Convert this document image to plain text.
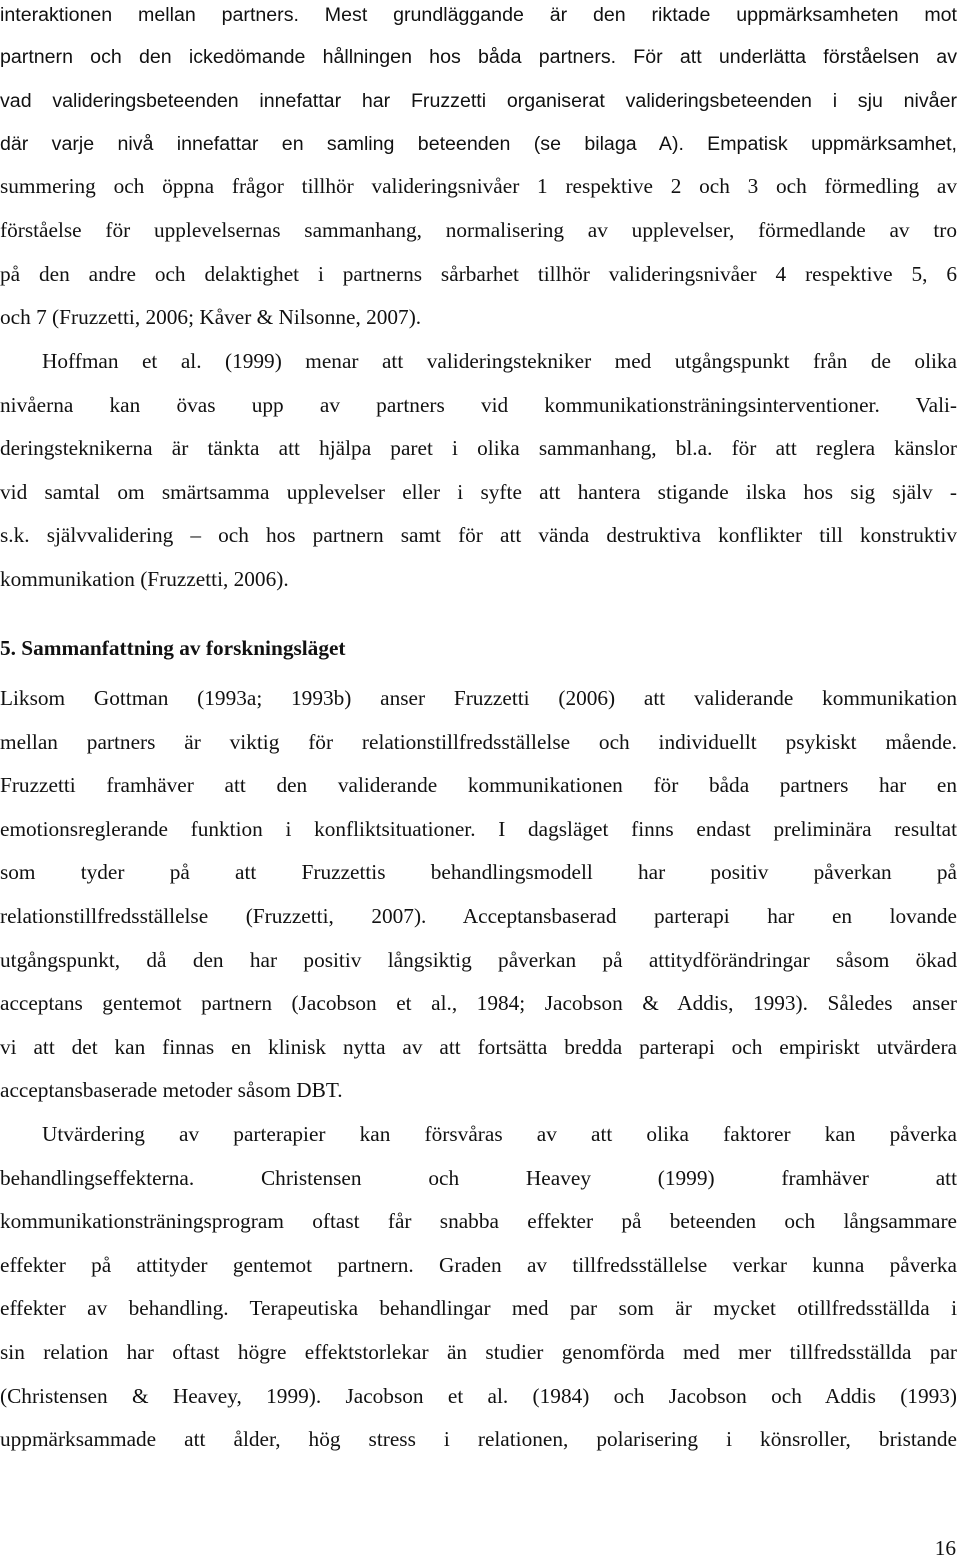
interaktionen mellan partners. Mest grundläggande är den riktade uppmärksamheten mot
partnern och den ickedömande hållningen hos båda partners. För att underlätta förståelsen av
vad valideringsbeteenden innefattar har Fruzzetti organiserat valideringsbeteenden i sju nivåer
där varje nivå innefattar en samling beteenden (se bilaga A). Empatisk uppmärksamhet,
summering och öppna frågor tillhör valideringsnivåer 1 respektive 2 och 3 och förmedling av
förståelse för upplevelsernas sammanhang, normalisering av upplevelser, förmedlande av tro
på den andre och delaktighet i partnerns sårbarhet tillhör valideringsnivåer 4 respektive 5, 6
och 7 (Fruzzetti, 2006; Kåver & Nilsonne, 2007).
Hoffman et al. (1999) menar att valideringstekniker med utgångspunkt från de olika
nivåerna kan övas upp av partners vid kommunikationsträningsinterventioner. Vali-
deringsteknikerna är tänkta att hjälpa paret i olika sammanhang, bl.a. för att reglera känslor
vid samtal om smärtsamma upplevelser eller i syfte att hantera stigande ilska hos sig själv -
s.k. självvalidering – och hos partnern samt för att vända destruktiva konflikter till konstruktiv
kommunikation (Fruzzetti, 2006).
5. Sammanfattning av forskningsläget
Liksom Gottman (1993a; 1993b) anser Fruzzetti (2006) att validerande kommunikation
mellan partners är viktig för relationstillfredsställelse och individuellt psykiskt mående.
Fruzzetti framhäver att den validerande kommunikationen för båda partners har en
emotionsreglerande funktion i konfliktsituationer. I dagsläget finns endast preliminära resultat
som tyder på att Fruzzettis behandlingsmodell har positiv påverkan på
relationstillfredsställelse (Fruzzetti, 2007). Acceptansbaserad parterapi har en lovande
utgångspunkt, då den har positiv långsiktig påverkan på attitydförändringar såsom ökad
acceptans gentemot partnern (Jacobson et al., 1984; Jacobson & Addis, 1993). Således anser
vi att det kan finnas en klinisk nytta av att fortsätta bredda parterapi och empiriskt utvärdera
acceptansbaserade metoder såsom DBT.
Utvärdering av parterapier kan försvåras av att olika faktorer kan påverka
behandlingseffekterna. Christensen och Heavey (1999) framhäver att
kommunikationsträningsprogram oftast får snabba effekter på beteenden och långsammare
effekter på attityder gentemot partnern. Graden av tillfredsställelse verkar kunna påverka
effekter av behandling. Terapeutiska behandlingar med par som är mycket otillfredsställda i
sin relation har oftast högre effektstorlekar än studier genomförda med mer tillfredsställda par
(Christensen & Heavey, 1999). Jacobson et al. (1984) och Jacobson och Addis (1993)
uppmärksammade att ålder, hög stress i relationen, polarisering i könsroller, bristande
16
